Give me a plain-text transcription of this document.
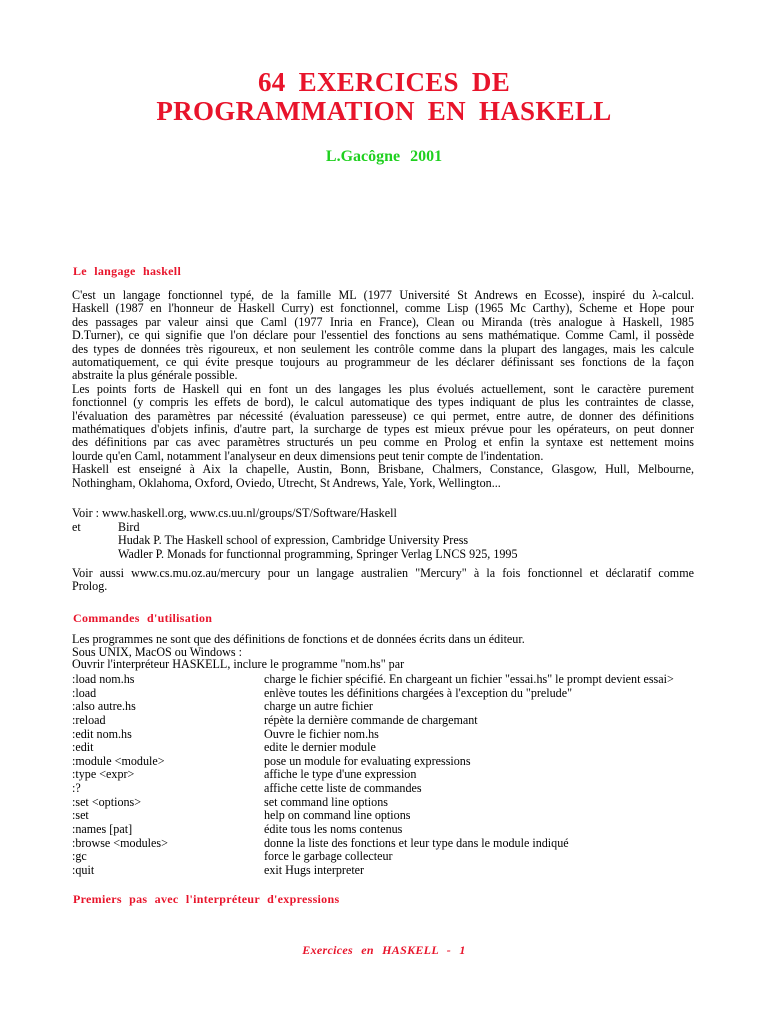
64 EXERCICES DE
PROGRAMMATION EN HASKELL
L.Gacôgne 2001
Le langage haskell
C'est un langage fonctionnel typé, de la famille ML (1977 Université St Andrews en Ecosse), inspiré du λ-calcul.
Haskell (1987 en l'honneur de Haskell Curry) est fonctionnel, comme Lisp (1965 Mc Carthy), Scheme et Hope pour
des passages par valeur ainsi que Caml (1977 Inria en France), Clean ou Miranda (très analogue à Haskell, 1985
D.Turner), ce qui signifie que l'on déclare pour l'essentiel des fonctions au sens mathématique. Comme Caml, il possède
des types de données très rigoureux, et non seulement les contrôle comme dans la plupart des langages, mais les calcule
automatiquement, ce qui évite presque toujours au programmeur de les déclarer définissant ses fonctions de la façon
abstraite la plus générale possible.
Les points forts de Haskell qui en font un des langages les plus évolués actuellement, sont le caractère purement
fonctionnel (y compris les effets de bord), le calcul automatique des types indiquant de plus les contraintes de classe,
l'évaluation des paramètres par nécessité (évaluation paresseuse) ce qui permet, entre autre, de donner des définitions
mathématiques d'objets infinis, d'autre part, la surcharge de types est mieux prévue pour les opérateurs, on peut donner
des définitions par cas avec paramètres structurés un peu comme en Prolog et enfin la syntaxe est nettement moins
lourde qu'en Caml, notamment l'analyseur en deux dimensions peut tenir compte de l'indentation.
Haskell est enseigné à Aix la chapelle, Austin, Bonn, Brisbane, Chalmers, Constance, Glasgow, Hull, Melbourne,
Nothingham, Oklahoma, Oxford, Oviedo, Utrecht, St Andrews, Yale, York, Wellington...
Voir : www.haskell.org, www.cs.uu.nl/groups/ST/Software/Haskell
et	Bird
Hudak P. The Haskell school of expression, Cambridge University Press
Wadler P. Monads for functionnal programming, Springer Verlag LNCS 925, 1995
Voir aussi www.cs.mu.oz.au/mercury pour un langage australien "Mercury" à la fois fonctionnel et déclaratif comme
Prolog.
Commandes d'utilisation
Les programmes ne sont que des définitions de fonctions et de données écrits dans un éditeur.
Sous UNIX, MacOS ou Windows :
Ouvrir l'interpréteur HASKELL, inclure le programme "nom.hs" par
:load nom.hs	charge le fichier spécifié. En chargeant un fichier "essai.hs" le prompt devient essai>
:load	enlève toutes les définitions chargées à l'exception du "prelude"
:also autre.hs	charge un autre fichier
:reload	répète la dernière commande de chargemant
:edit nom.hs	Ouvre le fichier nom.hs
:edit	edite le dernier module
:module <module>	pose un module for evaluating expressions
:type <expr>	affiche le type d'une expression
:?	affiche cette liste de commandes
:set <options>	set command line options
:set	help on command line options
:names [pat]	édite tous les noms contenus
:browse <modules>	donne la liste des fonctions et leur type dans le module indiqué
:gc	force le garbage collecteur
:quit	exit Hugs interpreter
Premiers pas avec l'interpréteur d'expressions
Exercices en HASKELL - 1
